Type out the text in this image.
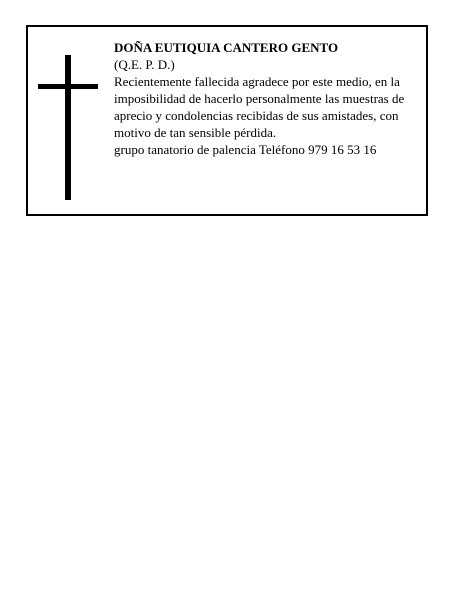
DOÑA EUTIQUIA CANTERO GENTO

(Q.E. P. D.)

Recientemente fallecida agradece por este medio, en la imposibilidad de hacerlo personalmente las muestras de aprecio y condolencias recibidas de sus amistades, con motivo de tan sensible pérdida.

grupo tanatorio de palencia Teléfono 979 16 53 16
